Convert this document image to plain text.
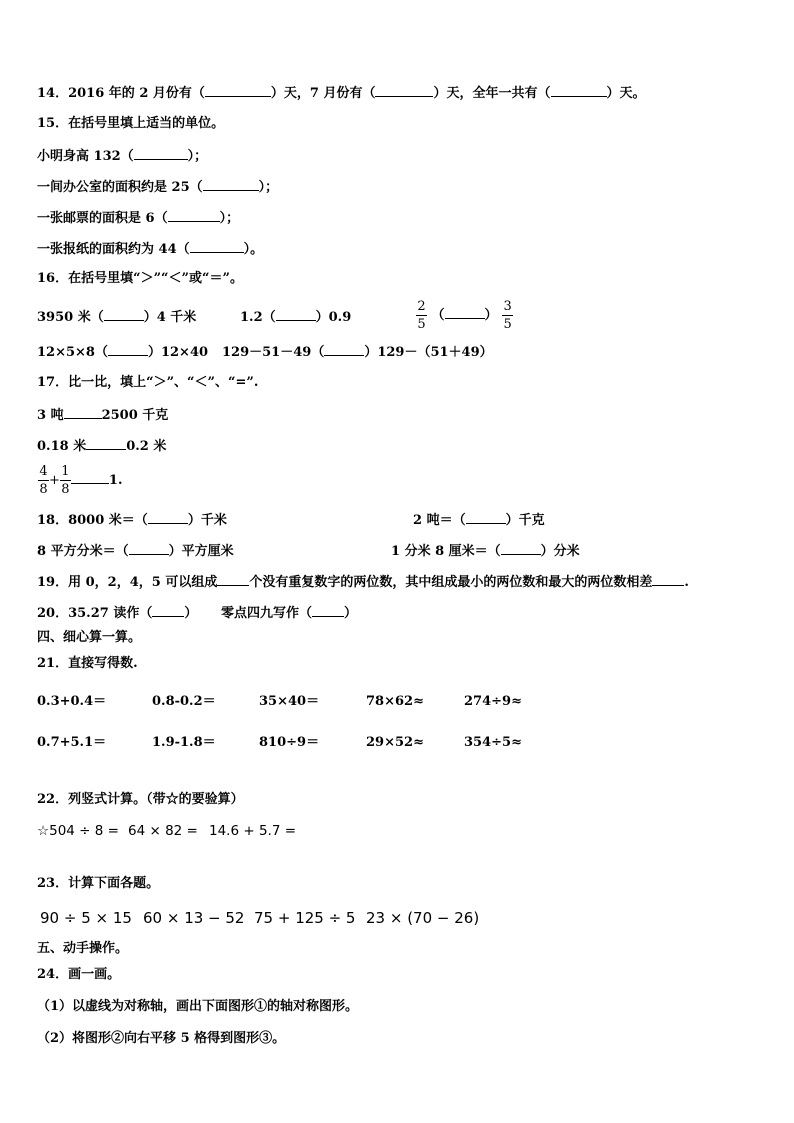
14．2016 年的 2 月份有（	）天，7 月份有（	）天，全年一共有（	）天。
15．在括号里填上适当的单位。
小明身高 132（	）；
一间办公室的面积约是 25（	）；
一张邮票的面积是 6（	）；
一张报纸的面积约为 44（	）。
16．在括号里填“＞”“＜”或“＝”。
3950 米（	）4 千米	1.2（	）0.9	$\frac{2}{5}$ （	） $\frac{3}{5}$
12×5×8（	）12×40 129－51－49（	）129－（51＋49）
17．比一比，填上“＞”、“＜”、“=”.
3 吨	2500 千克
0.18 米	0.2 米
$\frac{4}{8} + \frac{1}{8}$	1.
18．8000 米＝（	）千米	2 吨＝（	）千克
8 平方分米＝（	）平方厘米	1 分米 8 厘米＝（	）分米
19．用 0，2，4，5 可以组成 个没有重复数字的两位数，其中组成最小的两位数和最大的两位数相差 .
20．35.27 读作（ ） 零点四九写作（ ）
四、细心算一算。
21．直接写得数.
0.3+0.4＝	0.8-0.2＝	35×40＝	78×62≈	274÷9≈
0.7+5.1＝	1.9-1.8＝	810÷9＝	29×52≈	354÷5≈
22．列竖式计算。（带☆的要验算）
☆504 ÷ 8 = 64 × 82 = 14.6 + 5.7 =
23．计算下面各题。
90 ÷ 5 × 15 60 × 13 − 52 75 + 125 ÷ 5 23 × (70 − 26)
五、动手操作。
24．画一画。
（1）以虚线为对称轴，画出下面图形①的轴对称图形。
（2）将图形②向右平移 5 格得到图形③。
